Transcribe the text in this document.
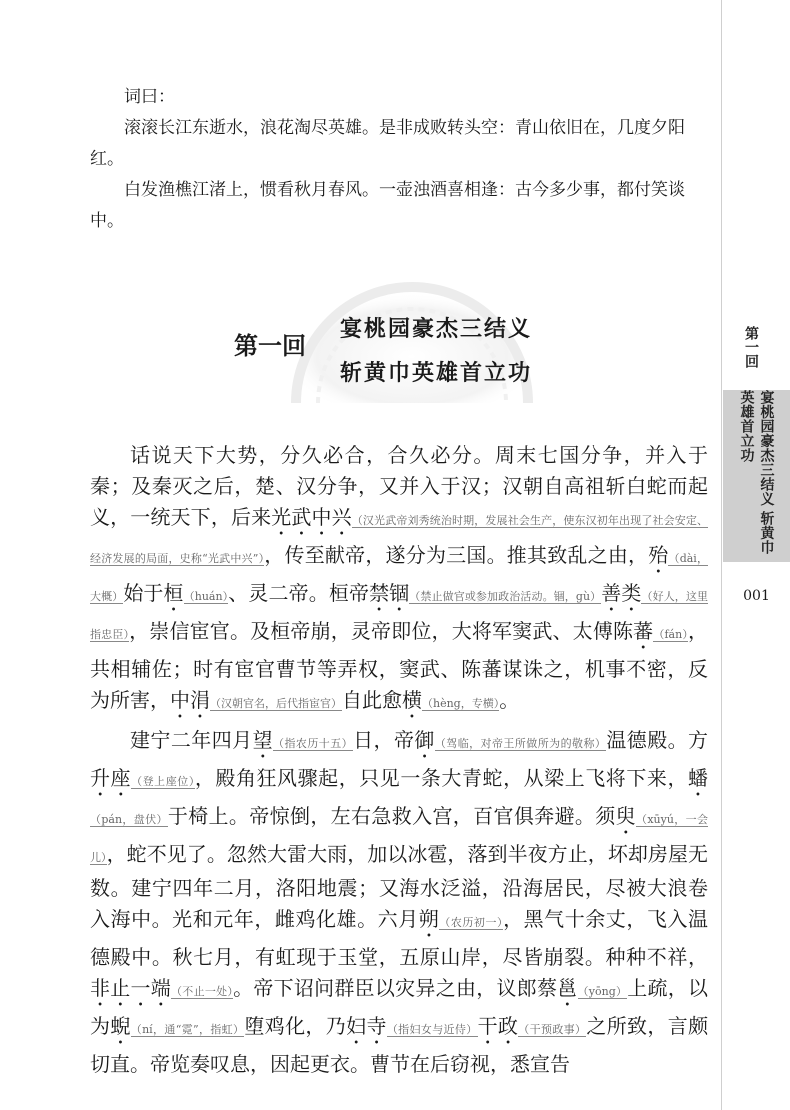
第一回
宴桃园豪杰三结义 斩黄巾英雄首立功
001

词曰：

滚滚长江东逝水，浪花淘尽英雄。是非成败转头空：青山依旧在，几度夕阳红。

白发渔樵江渚上，惯看秋月春风。一壶浊酒喜相逢：古今多少事，都付笑谈中。

第一回
宴桃园豪杰三结义
斩黄巾英雄首立功

话说天下大势，分久必合，合久必分。周末七国分争，并入于秦；及秦灭之后，楚、汉分争，又并入于汉；汉朝自高祖斩白蛇而起义，一统天下，后来光武中兴（汉光武帝刘秀统治时期，发展社会生产，使东汉初年出现了社会安定、经济发展的局面，史称“光武中兴”），传至献帝，遂分为三国。推其致乱之由，殆（dài，大概）始于桓（huán）、灵二帝。桓帝禁锢（禁止做官或参加政治活动。锢，gù）善类（好人，这里指忠臣），崇信宦官。及桓帝崩，灵帝即位，大将军窦武、太傅陈蕃（fán），共相辅佐；时有宦官曹节等弄权，窦武、陈蕃谋诛之，机事不密，反为所害，中涓（汉朝官名，后代指宦官）自此愈横（hèng，专横）。

建宁二年四月望（指农历十五）日，帝御（驾临，对帝王所做所为的敬称）温德殿。方升座（登上座位），殿角狂风骤起，只见一条大青蛇，从梁上飞将下来，蟠（pán，盘伏）于椅上。帝惊倒，左右急救入宫，百官俱奔避。须臾（xūyú，一会儿），蛇不见了。忽然大雷大雨，加以冰雹，落到半夜方止，坏却房屋无数。建宁四年二月，洛阳地震；又海水泛溢，沿海居民，尽被大浪卷入海中。光和元年，雌鸡化雄。六月朔（农历初一），黑气十余丈，飞入温德殿中。秋七月，有虹现于玉堂，五原山岸，尽皆崩裂。种种不祥，非止一端（不止一处）。帝下诏问群臣以灾异之由，议郎蔡邕（yōng）上疏，以为蜺（ní，通“霓”，指虹）堕鸡化，乃妇寺（指妇女与近侍）干政（干预政事）之所致，言颇切直。帝览奏叹息，因起更衣。曹节在后窃视，悉宣告
